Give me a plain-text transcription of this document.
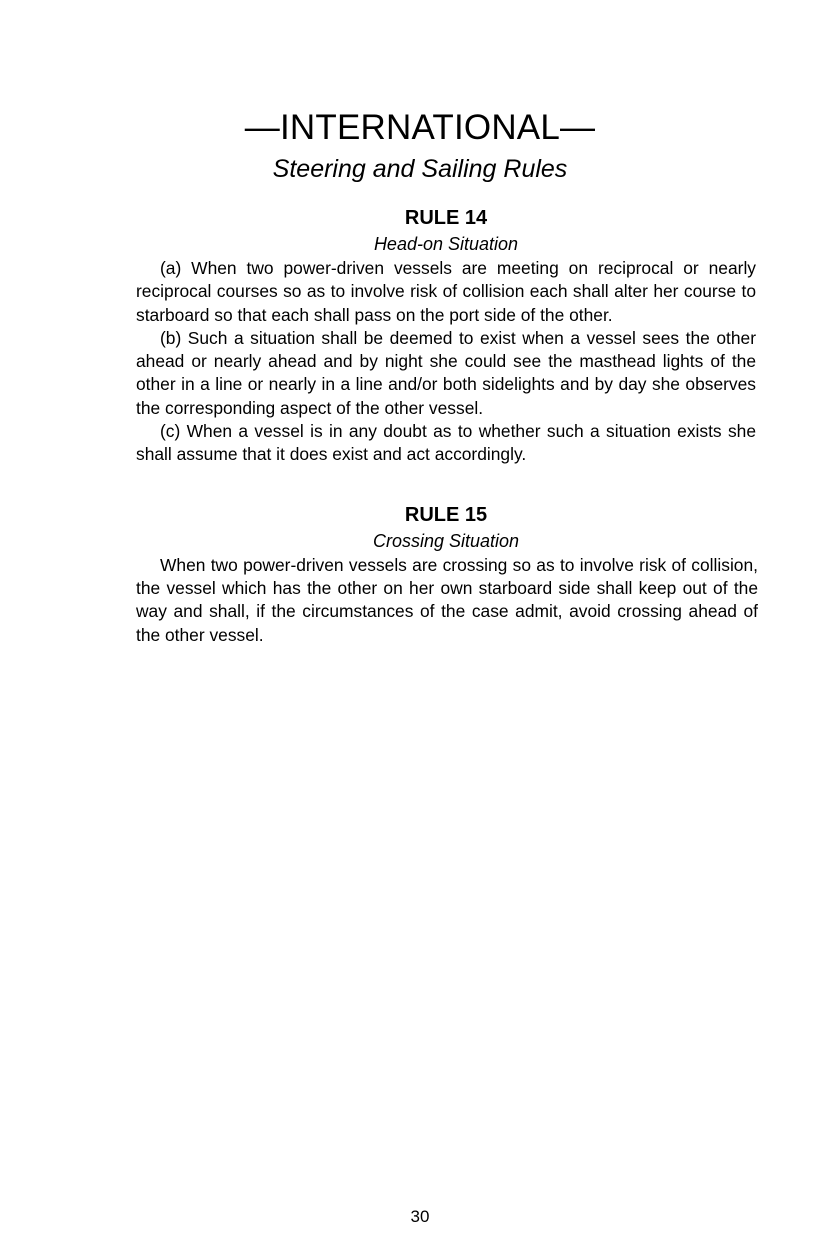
—INTERNATIONAL—
Steering and Sailing Rules
RULE 14
Head-on Situation

(a) When two power-driven vessels are meeting on reciprocal or nearly reciprocal courses so as to involve risk of collision each shall alter her course to starboard so that each shall pass on the port side of the other.

(b) Such a situation shall be deemed to exist when a vessel sees the other ahead or nearly ahead and by night she could see the masthead lights of the other in a line or nearly in a line and/or both sidelights and by day she observes the corresponding aspect of the other vessel.

(c) When a vessel is in any doubt as to whether such a situation exists she shall assume that it does exist and act accordingly.

RULE 15
Crossing Situation

When two power-driven vessels are crossing so as to involve risk of collision, the vessel which has the other on her own starboard side shall keep out of the way and shall, if the circumstances of the case admit, avoid crossing ahead of the other vessel.

30
